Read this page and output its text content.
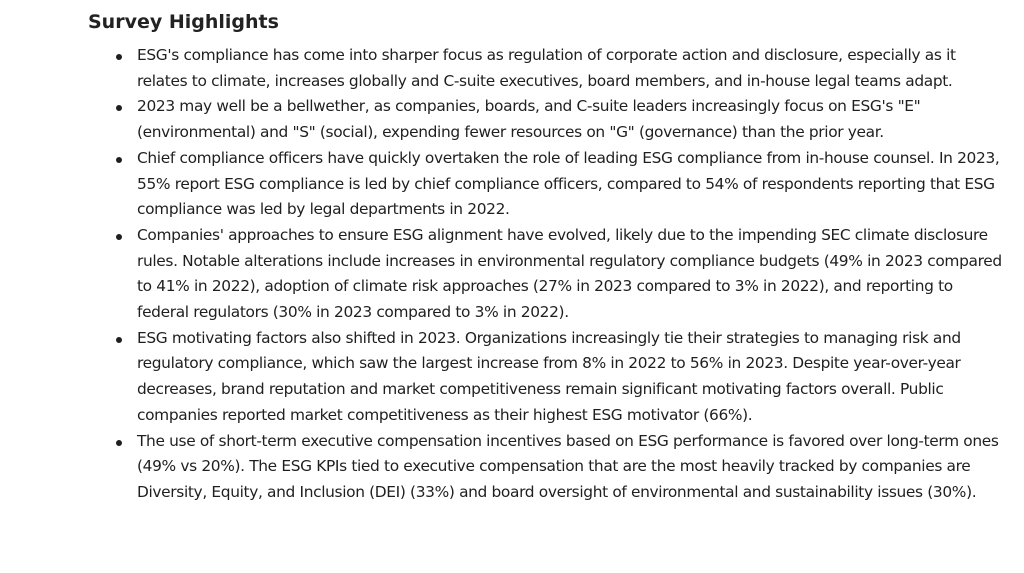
Survey Highlights
ESG's compliance has come into sharper focus as regulation of corporate action and disclosure, especially as it relates to climate, increases globally and C-suite executives, board members, and in-house legal teams adapt.
2023 may well be a bellwether, as companies, boards, and C-suite leaders increasingly focus on ESG's "E" (environmental) and "S" (social), expending fewer resources on "G" (governance) than the prior year.
Chief compliance officers have quickly overtaken the role of leading ESG compliance from in-house counsel. In 2023, 55% report ESG compliance is led by chief compliance officers, compared to 54% of respondents reporting that ESG compliance was led by legal departments in 2022.
Companies' approaches to ensure ESG alignment have evolved, likely due to the impending SEC climate disclosure rules. Notable alterations include increases in environmental regulatory compliance budgets (49% in 2023 compared to 41% in 2022), adoption of climate risk approaches (27% in 2023 compared to 3% in 2022), and reporting to federal regulators (30% in 2023 compared to 3% in 2022).
ESG motivating factors also shifted in 2023. Organizations increasingly tie their strategies to managing risk and regulatory compliance, which saw the largest increase from 8% in 2022 to 56% in 2023. Despite year-over-year decreases, brand reputation and market competitiveness remain significant motivating factors overall. Public companies reported market competitiveness as their highest ESG motivator (66%).
The use of short-term executive compensation incentives based on ESG performance is favored over long-term ones (49% vs 20%). The ESG KPIs tied to executive compensation that are the most heavily tracked by companies are Diversity, Equity, and Inclusion (DEI) (33%) and board oversight of environmental and sustainability issues (30%).
